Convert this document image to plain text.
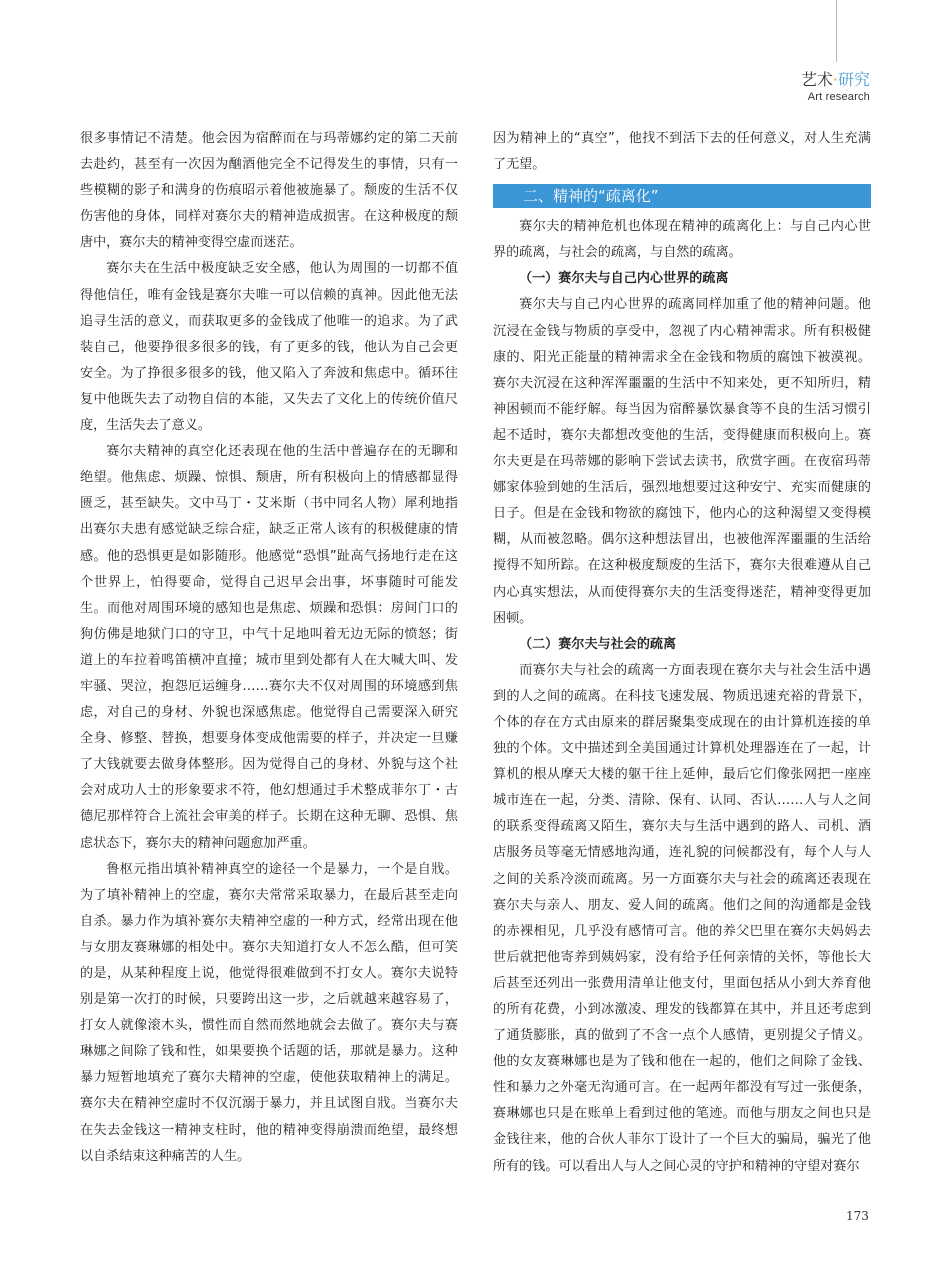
艺术·研究
Art research

很多事情记不清楚。他会因为宿醉而在与玛蒂娜约定的第二天前去赴约，甚至有一次因为酗酒他完全不记得发生的事情，只有一些模糊的影子和满身的伤痕昭示着他被施暴了。颓废的生活不仅伤害他的身体，同样对赛尔夫的精神造成损害。在这种极度的颓唐中，赛尔夫的精神变得空虚而迷茫。

赛尔夫在生活中极度缺乏安全感，他认为周围的一切都不值得他信任，唯有金钱是赛尔夫唯一可以信赖的真神。因此他无法追寻生活的意义，而获取更多的金钱成了他唯一的追求。为了武装自己，他要挣很多很多的钱，有了更多的钱，他认为自己会更安全。为了挣很多很多的钱，他又陷入了奔波和焦虑中。循环往复中他既失去了动物自信的本能，又失去了文化上的传统价值尺度，生活失去了意义。

赛尔夫精神的真空化还表现在他的生活中普遍存在的无聊和绝望。他焦虑、烦躁、惊惧、颓唐，所有积极向上的情感都显得匮乏，甚至缺失。文中马丁・艾米斯（书中同名人物）犀利地指出赛尔夫患有感觉缺乏综合症，缺乏正常人该有的积极健康的情感。他的恐惧更是如影随形。他感觉“恐惧”趾高气扬地行走在这个世界上，怕得要命，觉得自己迟早会出事，坏事随时可能发生。而他对周围环境的感知也是焦虑、烦躁和恐惧：房间门口的狗仿佛是地狱门口的守卫，中气十足地叫着无边无际的愤怒；街道上的车拉着鸣笛横冲直撞；城市里到处都有人在大喊大叫、发牢骚、哭泣，抱怨厄运缠身……赛尔夫不仅对周围的环境感到焦虑，对自己的身材、外貌也深感焦虑。他觉得自己需要深入研究全身、修整、替换，想要身体变成他需要的样子，并决定一旦赚了大钱就要去做身体整形。因为觉得自己的身材、外貌与这个社会对成功人士的形象要求不符，他幻想通过手术整成菲尔丁・古德尼那样符合上流社会审美的样子。长期在这种无聊、恐惧、焦虑状态下，赛尔夫的精神问题愈加严重。

鲁枢元指出填补精神真空的途径一个是暴力，一个是自戕。为了填补精神上的空虚，赛尔夫常常采取暴力，在最后甚至走向自杀。暴力作为填补赛尔夫精神空虚的一种方式，经常出现在他与女朋友赛琳娜的相处中。赛尔夫知道打女人不怎么酷，但可笑的是，从某种程度上说，他觉得很难做到不打女人。赛尔夫说特别是第一次打的时候，只要跨出这一步，之后就越来越容易了，打女人就像滚木头，惯性而自然而然地就会去做了。赛尔夫与赛琳娜之间除了钱和性，如果要换个话题的话，那就是暴力。这种暴力短暂地填充了赛尔夫精神的空虚，使他获取精神上的满足。赛尔夫在精神空虚时不仅沉溺于暴力，并且试图自戕。当赛尔夫在失去金钱这一精神支柱时，他的精神变得崩溃而绝望，最终想以自杀结束这种痛苦的人生。

因为精神上的“真空”，他找不到活下去的任何意义，对人生充满了无望。

二、精神的“疏离化”

赛尔夫的精神危机也体现在精神的疏离化上：与自己内心世界的疏离，与社会的疏离，与自然的疏离。

（一）赛尔夫与自己内心世界的疏离

赛尔夫与自己内心世界的疏离同样加重了他的精神问题。他沉浸在金钱与物质的享受中，忽视了内心精神需求。所有积极健康的、阳光正能量的精神需求全在金钱和物质的腐蚀下被漠视。赛尔夫沉浸在这种浑浑噩噩的生活中不知来处，更不知所归，精神困顿而不能纾解。每当因为宿醉暴饮暴食等不良的生活习惯引起不适时，赛尔夫都想改变他的生活，变得健康而积极向上。赛尔夫更是在玛蒂娜的影响下尝试去读书，欣赏字画。在夜宿玛蒂娜家体验到她的生活后，强烈地想要过这种安宁、充实而健康的日子。但是在金钱和物欲的腐蚀下，他内心的这种渴望又变得模糊，从而被忽略。偶尔这种想法冒出，也被他浑浑噩噩的生活给搅得不知所踪。在这种极度颓废的生活下，赛尔夫很难遵从自己内心真实想法，从而使得赛尔夫的生活变得迷茫，精神变得更加困顿。

（二）赛尔夫与社会的疏离

而赛尔夫与社会的疏离一方面表现在赛尔夫与社会生活中遇到的人之间的疏离。在科技飞速发展、物质迅速充裕的背景下，个体的存在方式由原来的群居聚集变成现在的由计算机连接的单独的个体。文中描述到全美国通过计算机处理器连在了一起，计算机的根从摩天大楼的躯干往上延伸，最后它们像张网把一座座城市连在一起，分类、清除、保有、认同、否认……人与人之间的联系变得疏离又陌生，赛尔夫与生活中遇到的路人、司机、酒店服务员等毫无情感地沟通，连礼貌的问候都没有，每个人与人之间的关系冷淡而疏离。另一方面赛尔夫与社会的疏离还表现在赛尔夫与亲人、朋友、爱人间的疏离。他们之间的沟通都是金钱的赤裸相见，几乎没有感情可言。他的养父巴里在赛尔夫妈妈去世后就把他寄养到姨妈家，没有给予任何亲情的关怀，等他长大后甚至还列出一张费用清单让他支付，里面包括从小到大养育他的所有花费，小到冰激凌、理发的钱都算在其中，并且还考虑到了通货膨胀，真的做到了不含一点个人感情，更别提父子情义。他的女友赛琳娜也是为了钱和他在一起的，他们之间除了金钱、性和暴力之外毫无沟通可言。在一起两年都没有写过一张便条，赛琳娜也只是在账单上看到过他的笔迹。而他与朋友之间也只是金钱往来，他的合伙人菲尔丁设计了一个巨大的骗局，骗光了他所有的钱。可以看出人与人之间心灵的守护和精神的守望对赛尔

173
